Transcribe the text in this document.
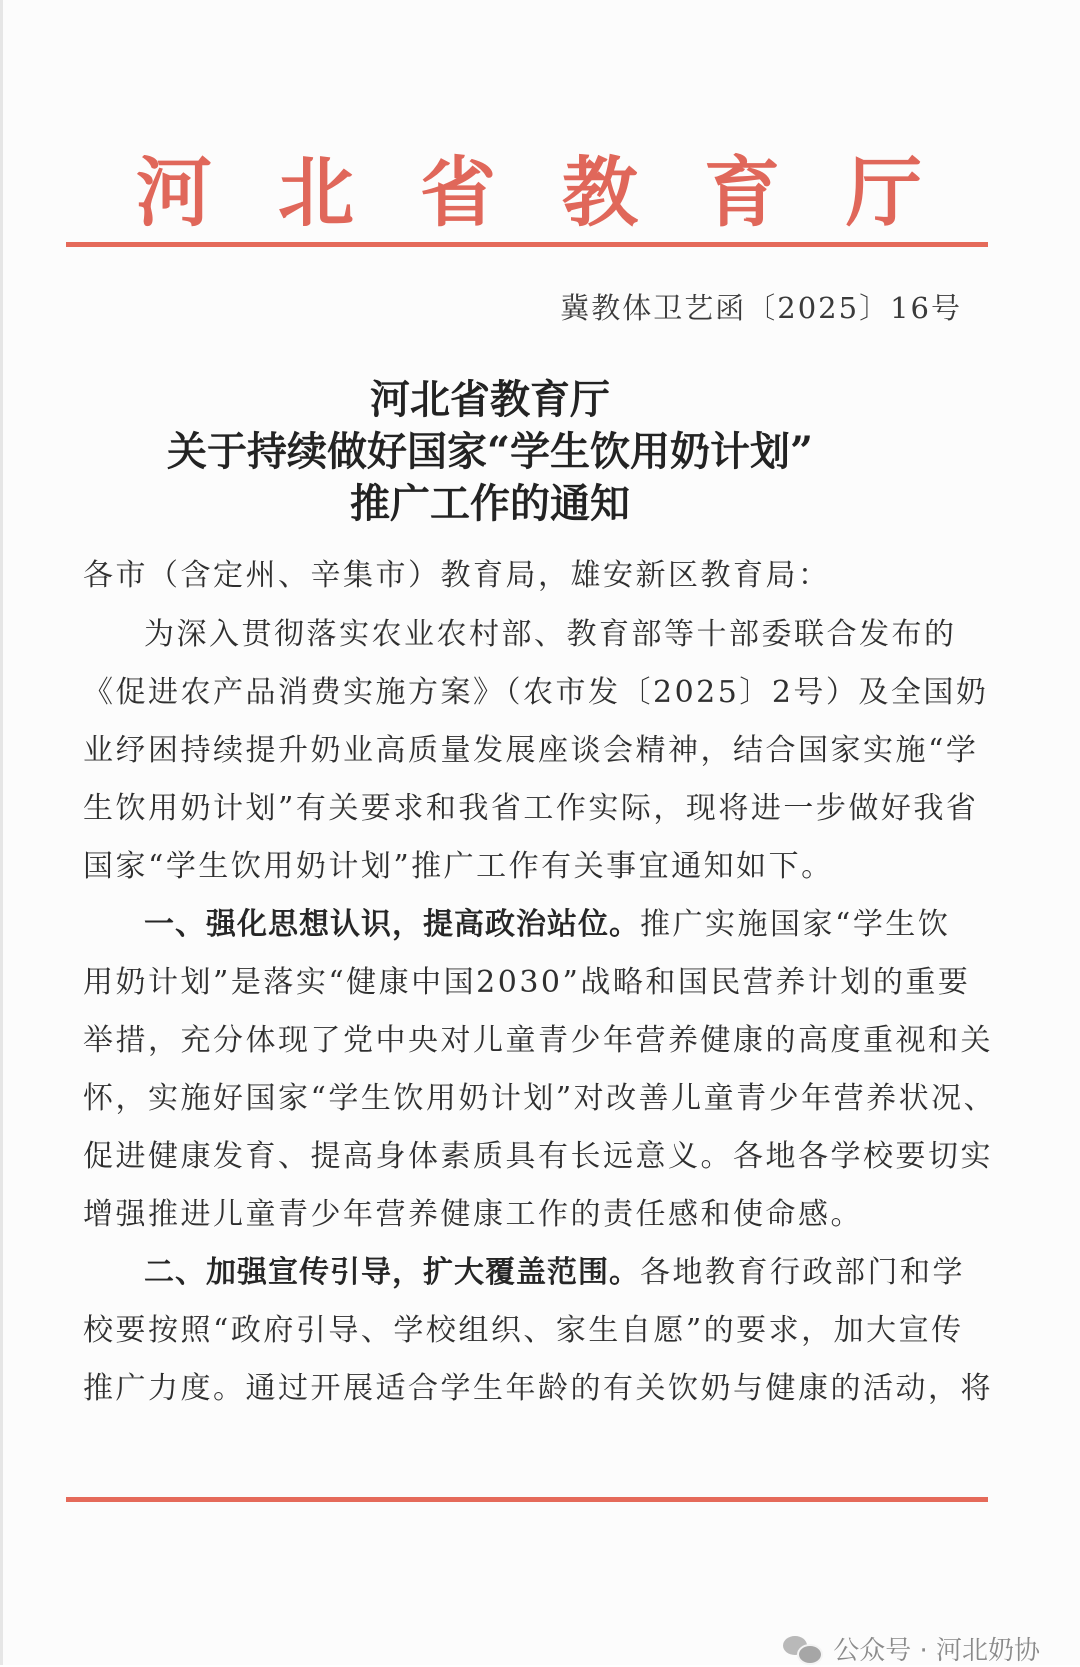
河 北 省 教 育 厅
冀教体卫艺函〔2025〕16号
河北省教育厅
关于持续做好国家“学生饮用奶计划”
推广工作的通知
各市（含定州、辛集市）教育局，雄安新区教育局：
为深入贯彻落实农业农村部、教育部等十部委联合发布的
《促进农产品消费实施方案》（农市发〔2025〕2号）及全国奶
业纾困持续提升奶业高质量发展座谈会精神，结合国家实施“学
生饮用奶计划”有关要求和我省工作实际，现将进一步做好我省
国家“学生饮用奶计划”推广工作有关事宜通知如下。
一、强化思想认识，提高政治站位。推广实施国家“学生饮
用奶计划”是落实“健康中国2030”战略和国民营养计划的重要
举措，充分体现了党中央对儿童青少年营养健康的高度重视和关
怀，实施好国家“学生饮用奶计划”对改善儿童青少年营养状况、
促进健康发育、提高身体素质具有长远意义。各地各学校要切实
增强推进儿童青少年营养健康工作的责任感和使命感。
二、加强宣传引导，扩大覆盖范围。各地教育行政部门和学
校要按照“政府引导、学校组织、家生自愿”的要求，加大宣传
推广力度。通过开展适合学生年龄的有关饮奶与健康的活动，将
公众号 · 河北奶协
